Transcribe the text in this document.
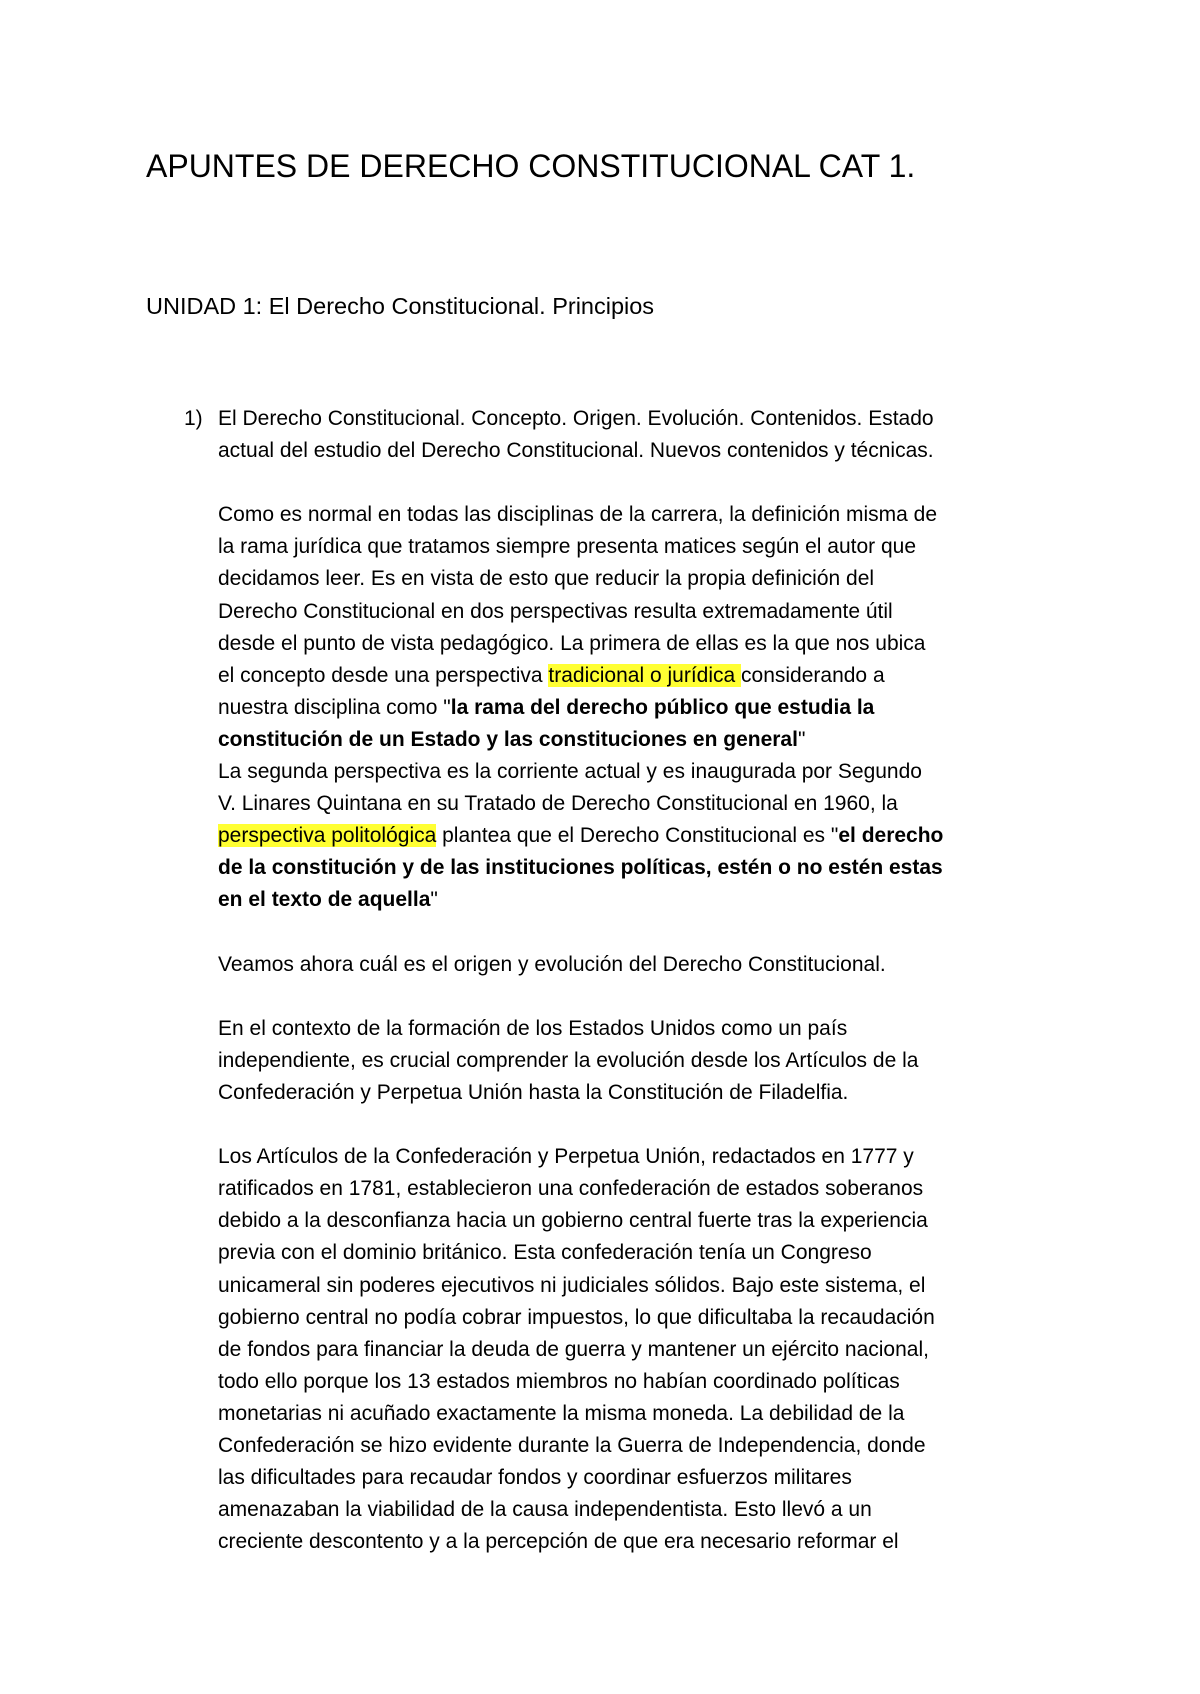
APUNTES DE DERECHO CONSTITUCIONAL CAT 1.
UNIDAD 1: El Derecho Constitucional. Principios
1) El Derecho Constitucional. Concepto. Origen. Evolución. Contenidos. Estado
actual del estudio del Derecho Constitucional. Nuevos contenidos y técnicas.
Como es normal en todas las disciplinas de la carrera, la definición misma de
la rama jurídica que tratamos siempre presenta matices según el autor que
decidamos leer. Es en vista de esto que reducir la propia definición del
Derecho Constitucional en dos perspectivas resulta extremadamente útil
desde el punto de vista pedagógico. La primera de ellas es la que nos ubica
el concepto desde una perspectiva tradicional o jurídica considerando a
nuestra disciplina como "la rama del derecho público que estudia la
constitución de un Estado y las constituciones en general"
La segunda perspectiva es la corriente actual y es inaugurada por Segundo
V. Linares Quintana en su Tratado de Derecho Constitucional en 1960, la
perspectiva politológica plantea que el Derecho Constitucional es "el derecho
de la constitución y de las instituciones políticas, estén o no estén estas
en el texto de aquella"
Veamos ahora cuál es el origen y evolución del Derecho Constitucional.
En el contexto de la formación de los Estados Unidos como un país
independiente, es crucial comprender la evolución desde los Artículos de la
Confederación y Perpetua Unión hasta la Constitución de Filadelfia.
Los Artículos de la Confederación y Perpetua Unión, redactados en 1777 y
ratificados en 1781, establecieron una confederación de estados soberanos
debido a la desconfianza hacia un gobierno central fuerte tras la experiencia
previa con el dominio británico. Esta confederación tenía un Congreso
unicameral sin poderes ejecutivos ni judiciales sólidos. Bajo este sistema, el
gobierno central no podía cobrar impuestos, lo que dificultaba la recaudación
de fondos para financiar la deuda de guerra y mantener un ejército nacional,
todo ello porque los 13 estados miembros no habían coordinado políticas
monetarias ni acuñado exactamente la misma moneda. La debilidad de la
Confederación se hizo evidente durante la Guerra de Independencia, donde
las dificultades para recaudar fondos y coordinar esfuerzos militares
amenazaban la viabilidad de la causa independentista. Esto llevó a un
creciente descontento y a la percepción de que era necesario reformar el
